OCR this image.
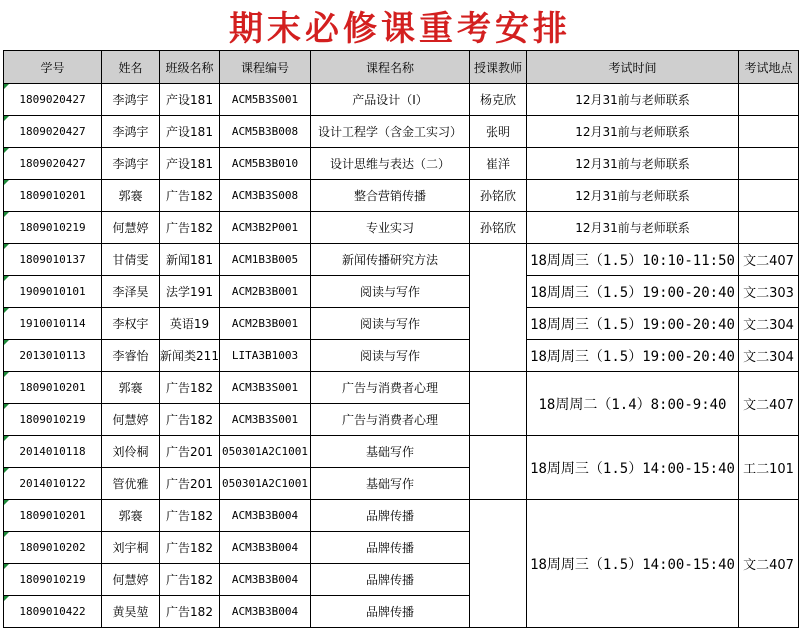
期末必修课重考安排
学号	姓名	班级名称	课程编号	课程名称	授课教师	考试时间	考试地点
1809020427	李鸿宇	产设181	ACM5B3S001	产品设计（I）	杨克欣	12月31前与老师联系	
1809020427	李鸿宇	产设181	ACM5B3B008	设计工程学（含金工实习）	张明	12月31前与老师联系	
1809020427	李鸿宇	产设181	ACM5B3B010	设计思维与表达（二）	崔洋	12月31前与老师联系	
1809010201	郭褰	广告182	ACM3B3S008	整合营销传播	孙铭欣	12月31前与老师联系	
1809010219	何慧婷	广告182	ACM3B2P001	专业实习	孙铭欣	12月31前与老师联系	
1809010137	甘倩雯	新闻181	ACM1B3B005	新闻传播研究方法		18周周三（1.5）10:10-11:50	文二407
1909010101	李泽昊	法学191	ACM2B3B001	阅读与写作		18周周三（1.5）19:00-20:40	文二303
1910010114	李权宇	英语19	ACM2B3B001	阅读与写作		18周周三（1.5）19:00-20:40	文二304
2013010113	李睿怡	新闻类211	LITA3B1003	阅读与写作		18周周三（1.5）19:00-20:40	文二304
1809010201	郭褰	广告182	ACM3B3S001	广告与消费者心理		18周周二（1.4）8:00-9:40	文二407
1809010219	何慧婷	广告182	ACM3B3S001	广告与消费者心理			
2014010118	刘伶桐	广告201	050301A2C1001	基础写作		18周周三（1.5）14:00-15:40	工二101
2014010122	管优雅	广告201	050301A2C1001	基础写作			
1809010201	郭褰	广告182	ACM3B3B004	品牌传播		18周周三（1.5）14:00-15:40	文二407
1809010202	刘宇桐	广告182	ACM3B3B004	品牌传播			
1809010219	何慧婷	广告182	ACM3B3B004	品牌传播			
1809010422	黄昊堃	广告182	ACM3B3B004	品牌传播			
